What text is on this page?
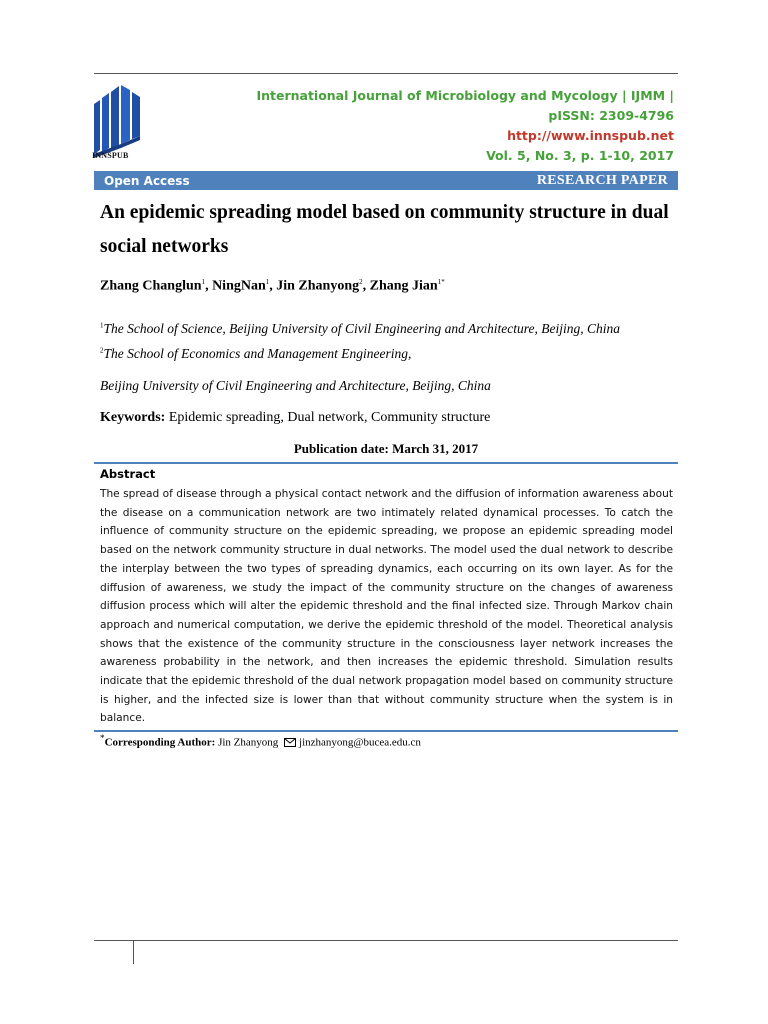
INNSPUB
International Journal of Microbiology and Mycology | IJMM |
pISSN: 2309-4796
http://www.innspub.net
Vol. 5, No. 3, p. 1-10, 2017
Open Access	RESEARCH PAPER
An epidemic spreading model based on community structure in dual social networks
Zhang Changlun$^1$, NingNan$^1$, Jin Zhanyong$^2$, Zhang Jian$^{1*}$
$^1$The School of Science, Beijing University of Civil Engineering and Architecture, Beijing, China
$^2$The School of Economics and Management Engineering,
Beijing University of Civil Engineering and Architecture, Beijing, China
Keywords: Epidemic spreading, Dual network, Community structure
Publication date: March 31, 2017
Abstract
The spread of disease through a physical contact network and the diffusion of information awareness about the disease on a communication network are two intimately related dynamical processes. To catch the influence of community structure on the epidemic spreading, we propose an epidemic spreading model based on the network community structure in dual networks. The model used the dual network to describe the interplay between the two types of spreading dynamics, each occurring on its own layer. As for the diffusion of awareness, we study the impact of the community structure on the changes of awareness diffusion process which will alter the epidemic threshold and the final infected size. Through Markov chain approach and numerical computation, we derive the epidemic threshold of the model. Theoretical analysis shows that the existence of the community structure in the consciousness layer network increases the awareness probability in the network, and then increases the epidemic threshold. Simulation results indicate that the epidemic threshold of the dual network propagation model based on community structure is higher, and the infected size is lower than that without community structure when the system is in balance.
*Corresponding Author: Jin Zhanyong jinzhanyong@bucea.edu.cn
